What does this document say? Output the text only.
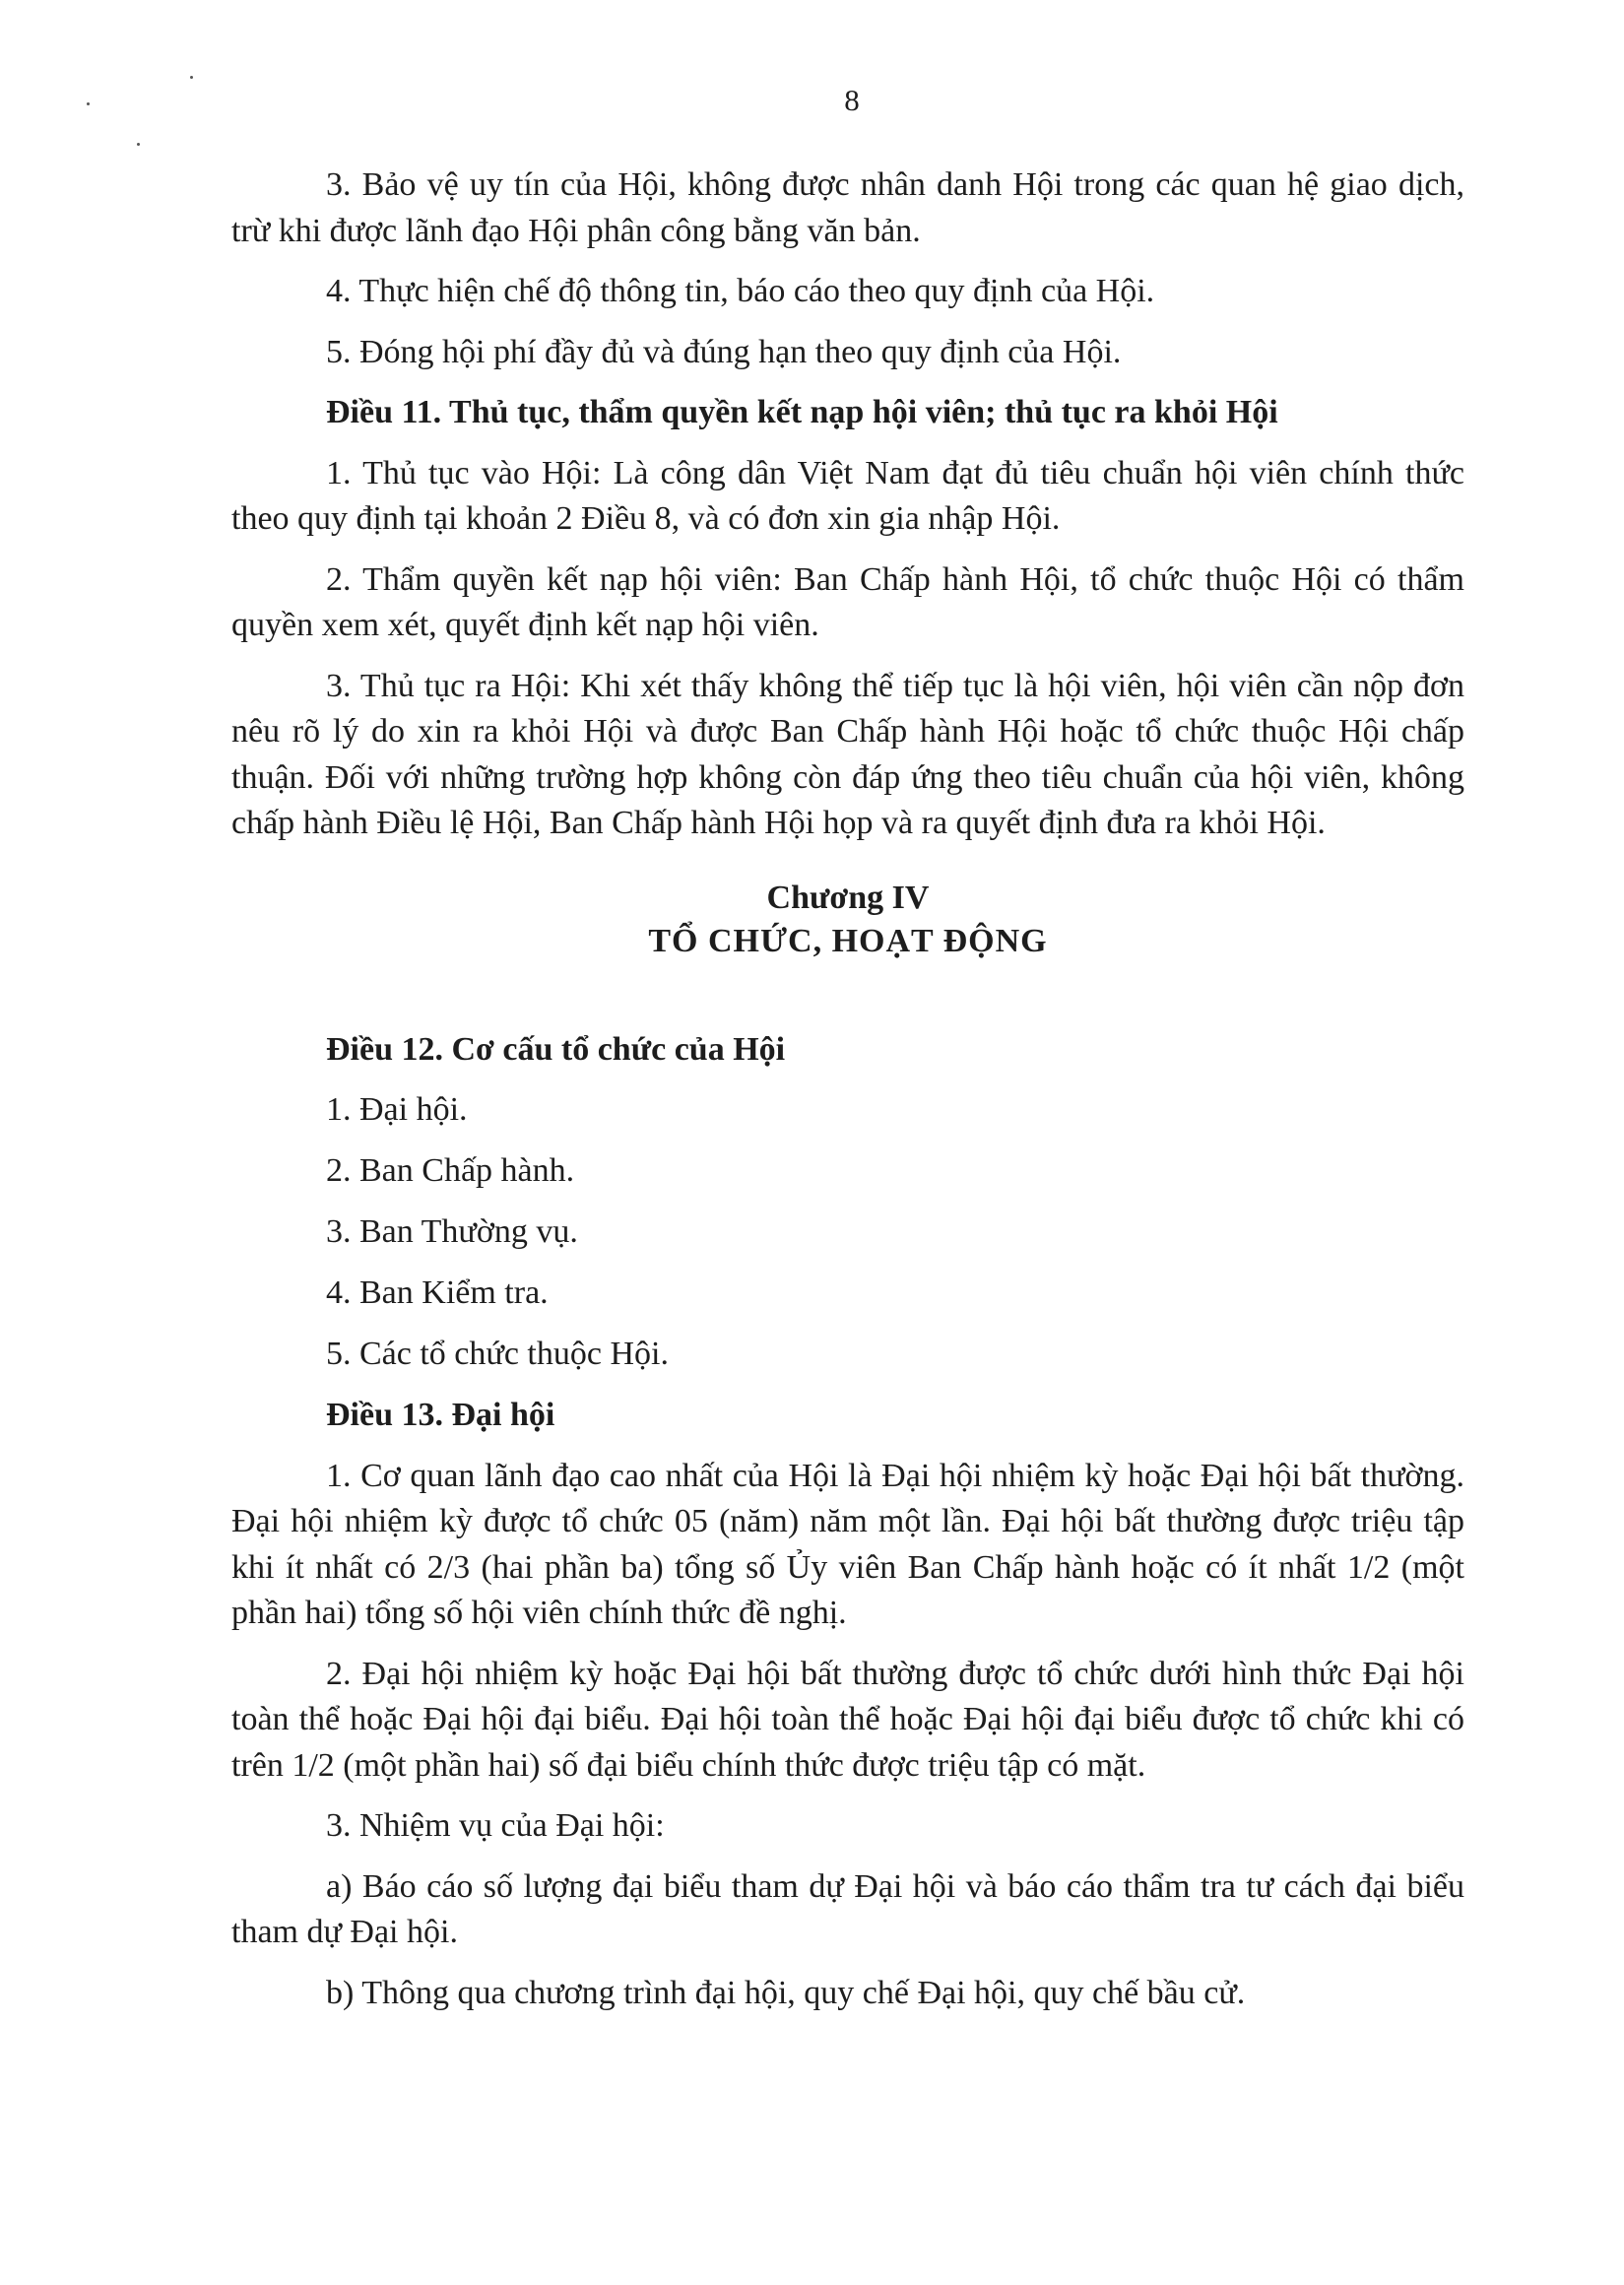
8

3. Bảo vệ uy tín của Hội, không được nhân danh Hội trong các quan hệ giao dịch, trừ khi được lãnh đạo Hội phân công bằng văn bản.

4. Thực hiện chế độ thông tin, báo cáo theo quy định của Hội.

5. Đóng hội phí đầy đủ và đúng hạn theo quy định của Hội.

Điều 11. Thủ tục, thẩm quyền kết nạp hội viên; thủ tục ra khỏi Hội

1. Thủ tục vào Hội: Là công dân Việt Nam đạt đủ tiêu chuẩn hội viên chính thức theo quy định tại khoản 2 Điều 8, và có đơn xin gia nhập Hội.

2. Thẩm quyền kết nạp hội viên: Ban Chấp hành Hội, tổ chức thuộc Hội có thẩm quyền xem xét, quyết định kết nạp hội viên.

3. Thủ tục ra Hội: Khi xét thấy không thể tiếp tục là hội viên, hội viên cần nộp đơn nêu rõ lý do xin ra khỏi Hội và được Ban Chấp hành Hội hoặc tổ chức thuộc Hội chấp thuận. Đối với những trường hợp không còn đáp ứng theo tiêu chuẩn của hội viên, không chấp hành Điều lệ Hội, Ban Chấp hành Hội họp và ra quyết định đưa ra khỏi Hội.

Chương IV
TỔ CHỨC, HOẠT ĐỘNG

Điều 12. Cơ cấu tổ chức của Hội

1. Đại hội.

2. Ban Chấp hành.

3. Ban Thường vụ.

4. Ban Kiểm tra.

5. Các tổ chức thuộc Hội.

Điều 13. Đại hội

1. Cơ quan lãnh đạo cao nhất của Hội là Đại hội nhiệm kỳ hoặc Đại hội bất thường. Đại hội nhiệm kỳ được tổ chức 05 (năm) năm một lần. Đại hội bất thường được triệu tập khi ít nhất có 2/3 (hai phần ba) tổng số Ủy viên Ban Chấp hành hoặc có ít nhất 1/2 (một phần hai) tổng số hội viên chính thức đề nghị.

2. Đại hội nhiệm kỳ hoặc Đại hội bất thường được tổ chức dưới hình thức Đại hội toàn thể hoặc Đại hội đại biểu. Đại hội toàn thể hoặc Đại hội đại biểu được tổ chức khi có trên 1/2 (một phần hai) số đại biểu chính thức được triệu tập có mặt.

3. Nhiệm vụ của Đại hội:

a) Báo cáo số lượng đại biểu tham dự Đại hội và báo cáo thẩm tra tư cách đại biểu tham dự Đại hội.

b) Thông qua chương trình đại hội, quy chế Đại hội, quy chế bầu cử.
